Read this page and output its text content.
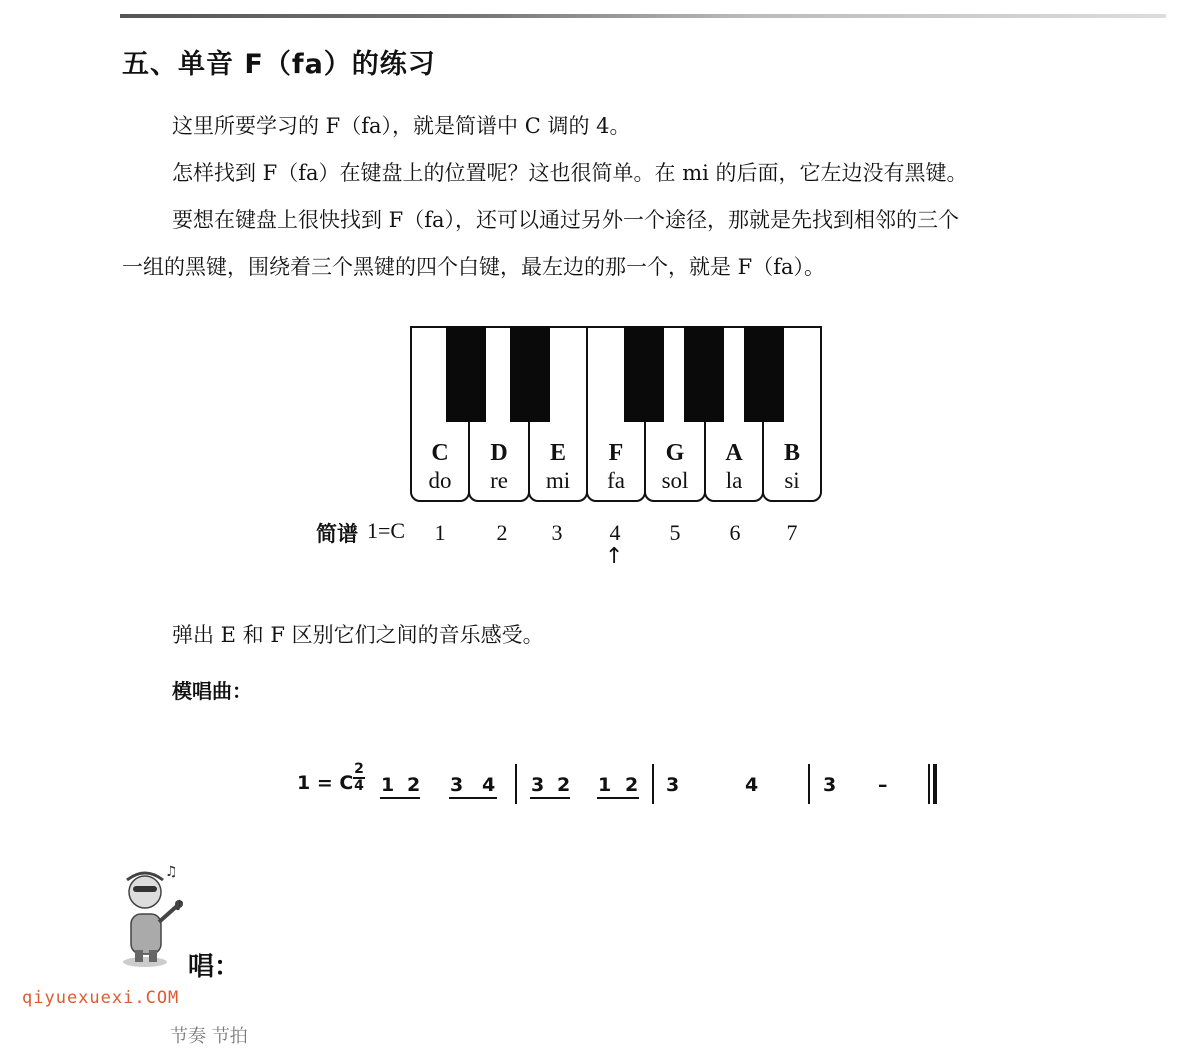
五、单音 F（fa）的练习
这里所要学习的 F（fa），就是简谱中 C 调的 4。
怎样找到 F（fa）在键盘上的位置呢？这也很简单。在 mi 的后面，它左边没有黑键。
要想在键盘上很快找到 F（fa），还可以通过另外一个途径，那就是先找到相邻的三个
一组的黑键，围绕着三个黑键的四个白键，最左边的那一个，就是 F（fa）。
C
do
D
re
E
mi
F
fa
G
sol
A
la
B
si
简谱 1=C	1	2	3	4	5	6	7
↑
弹出 E 和 F 区别它们之间的音乐感受。
模唱曲：
1 = C
2
4 1 2 3 4 3 2 1 2 3	4	3 –
♫
♪
唱：
qiyuexuexi.COM
节奏 节拍
